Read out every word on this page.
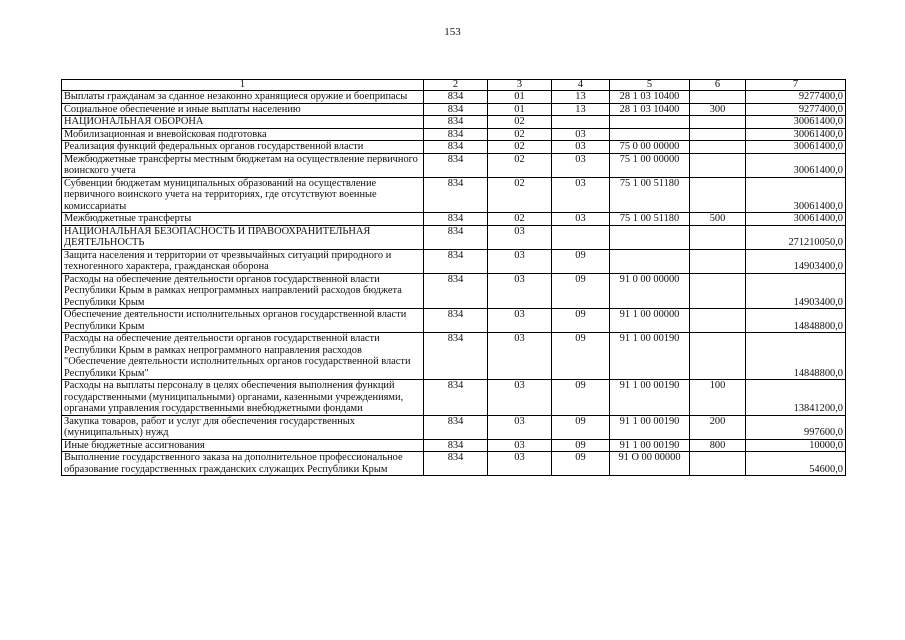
153
1	2	3	4	5	6	7
Выплаты гражданам за сданное незаконно хранящиеся оружие и боеприпасы	834	01	13	28 1 03 10400		9277400,0
Социальное обеспечение и иные выплаты населению	834	01	13	28 1 03 10400	300	9277400,0
НАЦИОНАЛЬНАЯ ОБОРОНА	834	02				30061400,0
Мобилизационная и вневойсковая подготовка	834	02	03			30061400,0
Реализация функций федеральных органов государственной власти	834	02	03	75 0 00 00000		30061400,0
Межбюджетные трансферты местным бюджетам на осуществление первичного воинского учета	834	02	03	75 1 00 00000		30061400,0
Субвенции бюджетам муниципальных образований на осуществление первичного воинского учета на территориях, где отсутствуют военные комиссариаты	834	02	03	75 1 00 51180		30061400,0
Межбюджетные трансферты	834	02	03	75 1 00 51180	500	30061400,0
НАЦИОНАЛЬНАЯ БЕЗОПАСНОСТЬ И ПРАВООХРАНИТЕЛЬНАЯ ДЕЯТЕЛЬНОСТЬ	834	03				271210050,0
Защита населения и территории от чрезвычайных ситуаций природного и техногенного характера, гражданская оборона	834	03	09			14903400,0
Расходы на обеспечение деятельности органов государственной власти Республики Крым в рамках непрограммных направлений расходов бюджета Республики Крым	834	03	09	91 0 00 00000		14903400,0
Обеспечение деятельности исполнительных органов государственной власти Республики Крым	834	03	09	91 1 00 00000		14848800,0
Расходы на обеспечение деятельности органов государственной власти Республики Крым в рамках непрограммного направления расходов "Обеспечение деятельности исполнительных органов государственной власти Республики Крым"	834	03	09	91 1 00 00190		14848800,0
Расходы на выплаты персоналу в целях обеспечения выполнения функций государственными (муниципальными) органами, казенными учреждениями, органами управления государственными внебюджетными фондами	834	03	09	91 1 00 00190	100	13841200,0
Закупка товаров, работ и услуг для обеспечения государственных (муниципальных) нужд	834	03	09	91 1 00 00190	200	997600,0
Иные бюджетные ассигнования	834	03	09	91 1 00 00190	800	10000,0
Выполнение государственного заказа на дополнительное профессиональное образование государственных гражданских служащих Республики Крым	834	03	09	91 О 00 00000		54600,0
